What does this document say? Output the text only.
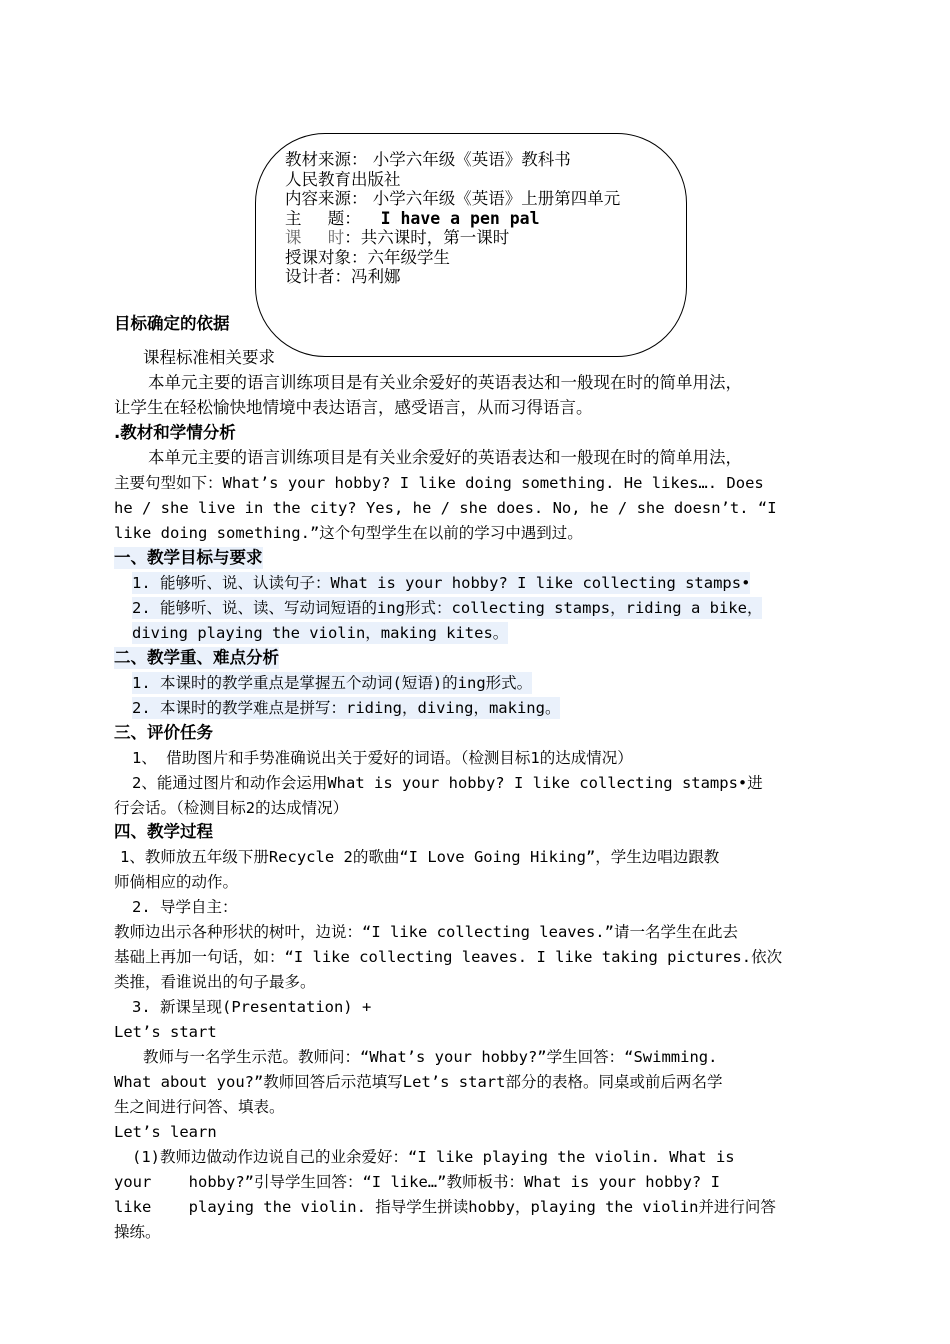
教材来源： 小学六年级《英语》教科书
人民教育出版社
内容来源： 小学六年级《英语》上册第四单元
主     题：  I have a pen pal
课     时：共六课时，第一课时
授课对象：六年级学生
设计者：冯利娜
目标确定的依据
课程标准相关要求
本单元主要的语言训练项目是有关业余爱好的英语表达和一般现在时的简单用法，
让学生在轻松愉快地情境中表达语言，感受语言，从而习得语言。
.教材和学情分析
本单元主要的语言训练项目是有关业余爱好的英语表达和一般现在时的简单用法，
主要句型如下：What’s your hobby? I like doing something. He likes…. Does
he / she live in the city? Yes, he / she does. No, he / she doesn’t. “I
like doing something.”这个句型学生在以前的学习中遇到过。
一、教学目标与要求
1. 能够听、说、认读句子：What is your hobby? I like collecting stamps•
2. 能够听、说、读、写动词短语的ing形式：collecting stamps，riding a bike，
diving playing the violin，making kites。
二、教学重、难点分析
1. 本课时的教学重点是掌握五个动词(短语)的ing形式。
2. 本课时的教学难点是拼写：riding，diving，making。
三、评价任务
1、 借助图片和手势准确说出关于爱好的词语。（检测目标1的达成情况）
2、能通过图片和动作会运用What is your hobby? I like collecting stamps•进
行会话。（检测目标2的达成情况）
四、教学过程
1、教师放五年级下册Recycle 2的歌曲“I Love Going Hiking”，学生边唱边跟教
师倘相应的动作。
2. 导学自主：
教师边出示各种形状的树叶，边说：“I like collecting leaves.”请一名学生在此去
基础上再加一句话，如：“I like collecting leaves. I like taking pictures.依次
类推，看谁说出的句子最多。
3. 新课呈现(Presentation) +
Let’s start
教师与一名学生示范。教师问：“What’s your hobby?”学生回答：“Swimming.
What about you?”教师回答后示范填写Let’s start部分的表格。同桌或前后两名学
生之间进行问答、填表。
Let’s learn
(1)教师边做动作边说自己的业余爱好：“I like playing the violin. What is
your    hobby?”引导学生回答：“I like…”教师板书：What is your hobby? I
like    playing the violin. 指导学生拼读hobby，playing the violin并进行问答
操练。
